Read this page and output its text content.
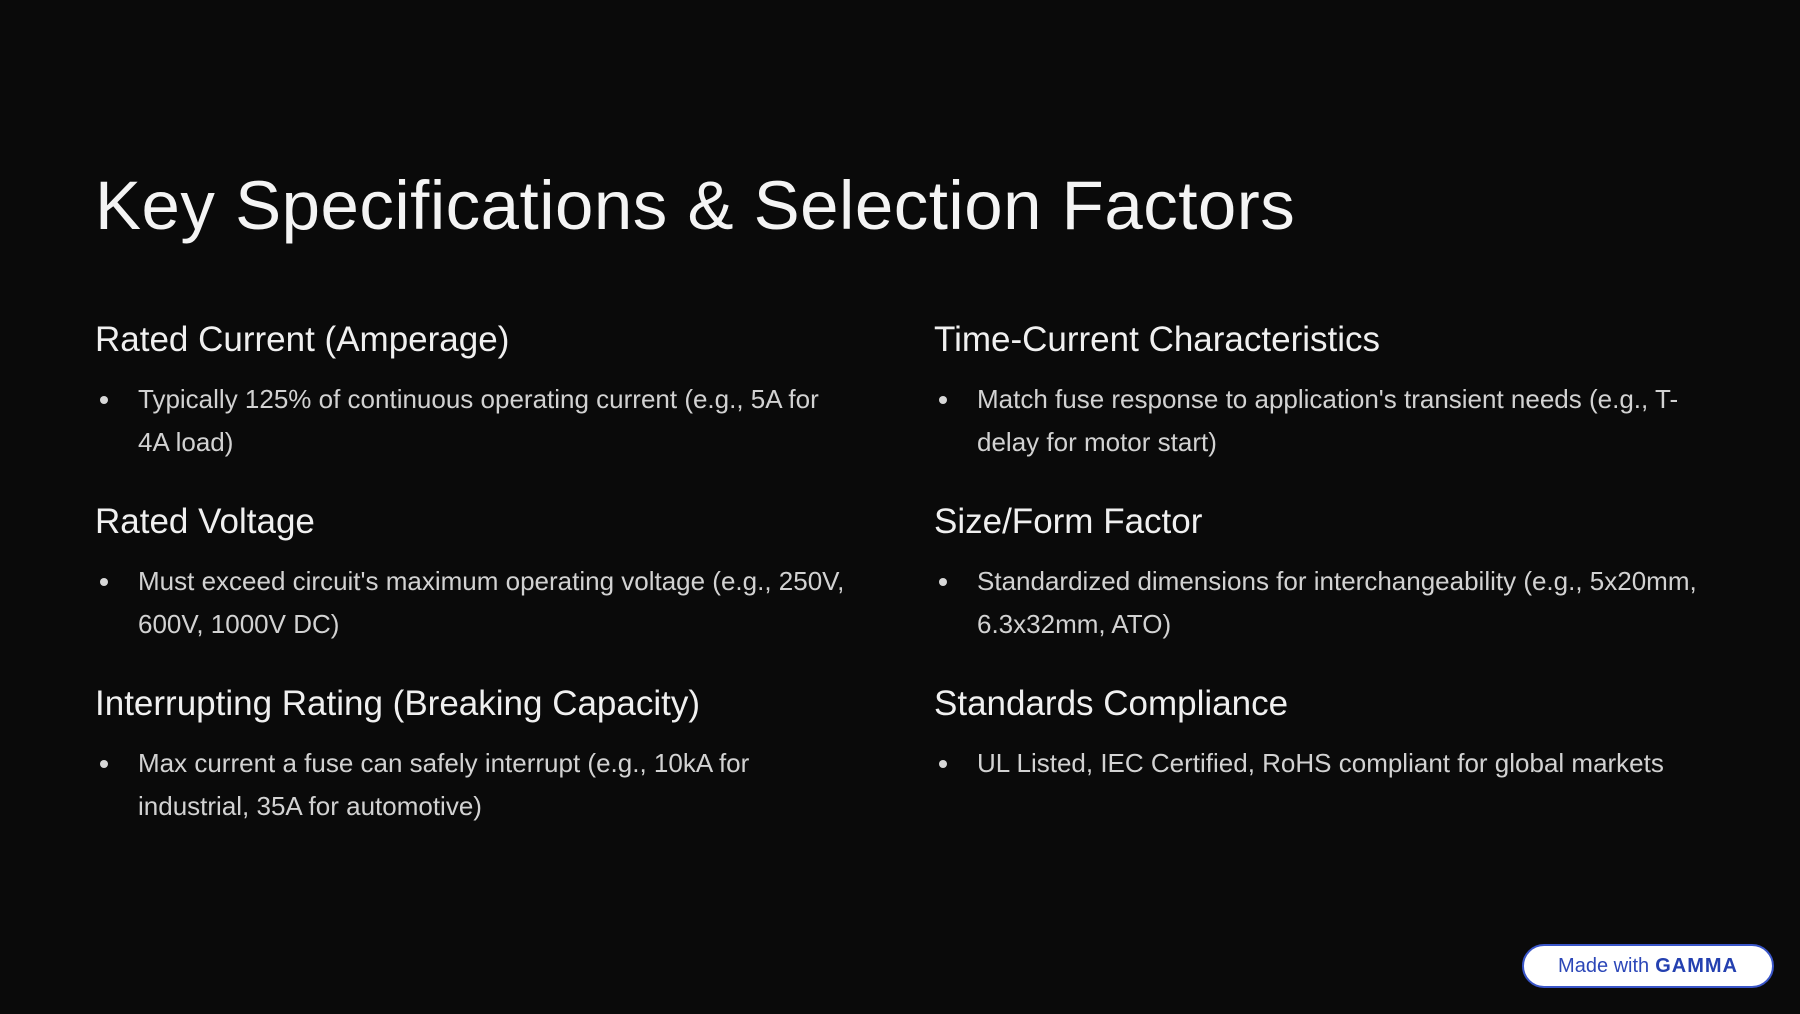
Key Specifications & Selection Factors
Rated Current (Amperage)
Typically 125% of continuous operating current (e.g., 5A for 4A load)
Rated Voltage
Must exceed circuit's maximum operating voltage (e.g., 250V, 600V, 1000V DC)
Interrupting Rating (Breaking Capacity)
Max current a fuse can safely interrupt (e.g., 10kA for industrial, 35A for automotive)
Time-Current Characteristics
Match fuse response to application's transient needs (e.g., T-delay for motor start)
Size/Form Factor
Standardized dimensions for interchangeability (e.g., 5x20mm, 6.3x32mm, ATO)
Standards Compliance
UL Listed, IEC Certified, RoHS compliant for global markets
Made with GAMMA
